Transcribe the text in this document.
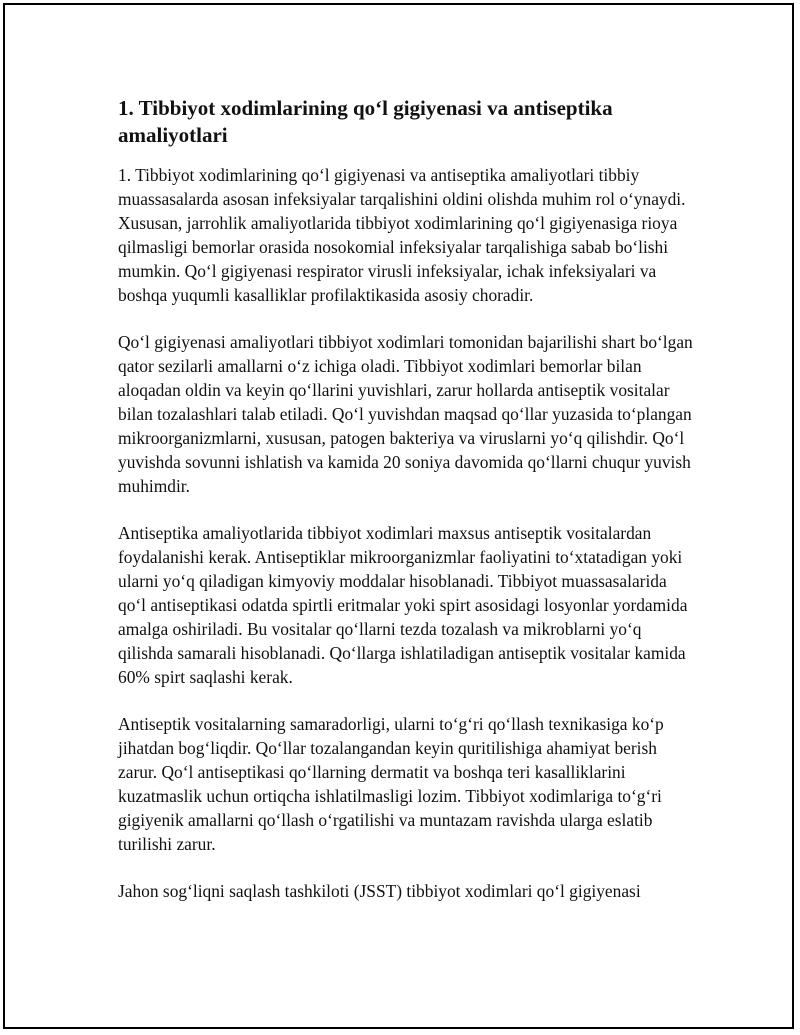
1. Tibbiyot xodimlarining qo‘l gigiyenasi va antiseptika amaliyotlari

1. Tibbiyot xodimlarining qo‘l gigiyenasi va antiseptika amaliyotlari tibbiy muassasalarda asosan infeksiyalar tarqalishini oldini olishda muhim rol o‘ynaydi. Xususan, jarrohlik amaliyotlarida tibbiyot xodimlarining qo‘l gigiyenasiga rioya qilmasligi bemorlar orasida nosokomial infeksiyalar tarqalishiga sabab bo‘lishi mumkin. Qo‘l gigiyenasi respirator virusli infeksiyalar, ichak infeksiyalari va boshqa yuqumli kasalliklar profilaktikasida asosiy choradir.

Qo‘l gigiyenasi amaliyotlari tibbiyot xodimlari tomonidan bajarilishi shart bo‘lgan qator sezilarli amallarni o‘z ichiga oladi. Tibbiyot xodimlari bemorlar bilan aloqadan oldin va keyin qo‘llarini yuvishlari, zarur hollarda antiseptik vositalar bilan tozalashlari talab etiladi. Qo‘l yuvishdan maqsad qo‘llar yuzasida to‘plangan mikroorganizmlarni, xususan, patogen bakteriya va viruslarni yo‘q qilishdir. Qo‘l yuvishda sovunni ishlatish va kamida 20 soniya davomida qo‘llarni chuqur yuvish muhimdir.

Antiseptika amaliyotlarida tibbiyot xodimlari maxsus antiseptik vositalardan foydalanishi kerak. Antiseptiklar mikroorganizmlar faoliyatini to‘xtatadigan yoki ularni yo‘q qiladigan kimyoviy moddalar hisoblanadi. Tibbiyot muassasalarida qo‘l antiseptikasi odatda spirtli eritmalar yoki spirt asosidagi losyonlar yordamida amalga oshiriladi. Bu vositalar qo‘llarni tezda tozalash va mikroblarni yo‘q qilishda samarali hisoblanadi. Qo‘llarga ishlatiladigan antiseptik vositalar kamida 60% spirt saqlashi kerak.

Antiseptik vositalarning samaradorligi, ularni to‘g‘ri qo‘llash texnikasiga ko‘p jihatdan bog‘liqdir. Qo‘llar tozalangandan keyin quritilishiga ahamiyat berish zarur. Qo‘l antiseptikasi qo‘llarning dermatit va boshqa teri kasalliklarini kuzatmaslik uchun ortiqcha ishlatilmasligi lozim. Tibbiyot xodimlariga to‘g‘ri gigiyenik amallarni qo‘llash o‘rgatilishi va muntazam ravishda ularga eslatib turilishi zarur.

Jahon sog‘liqni saqlash tashkiloti (JSST) tibbiyot xodimlari qo‘l gigiyenasi
